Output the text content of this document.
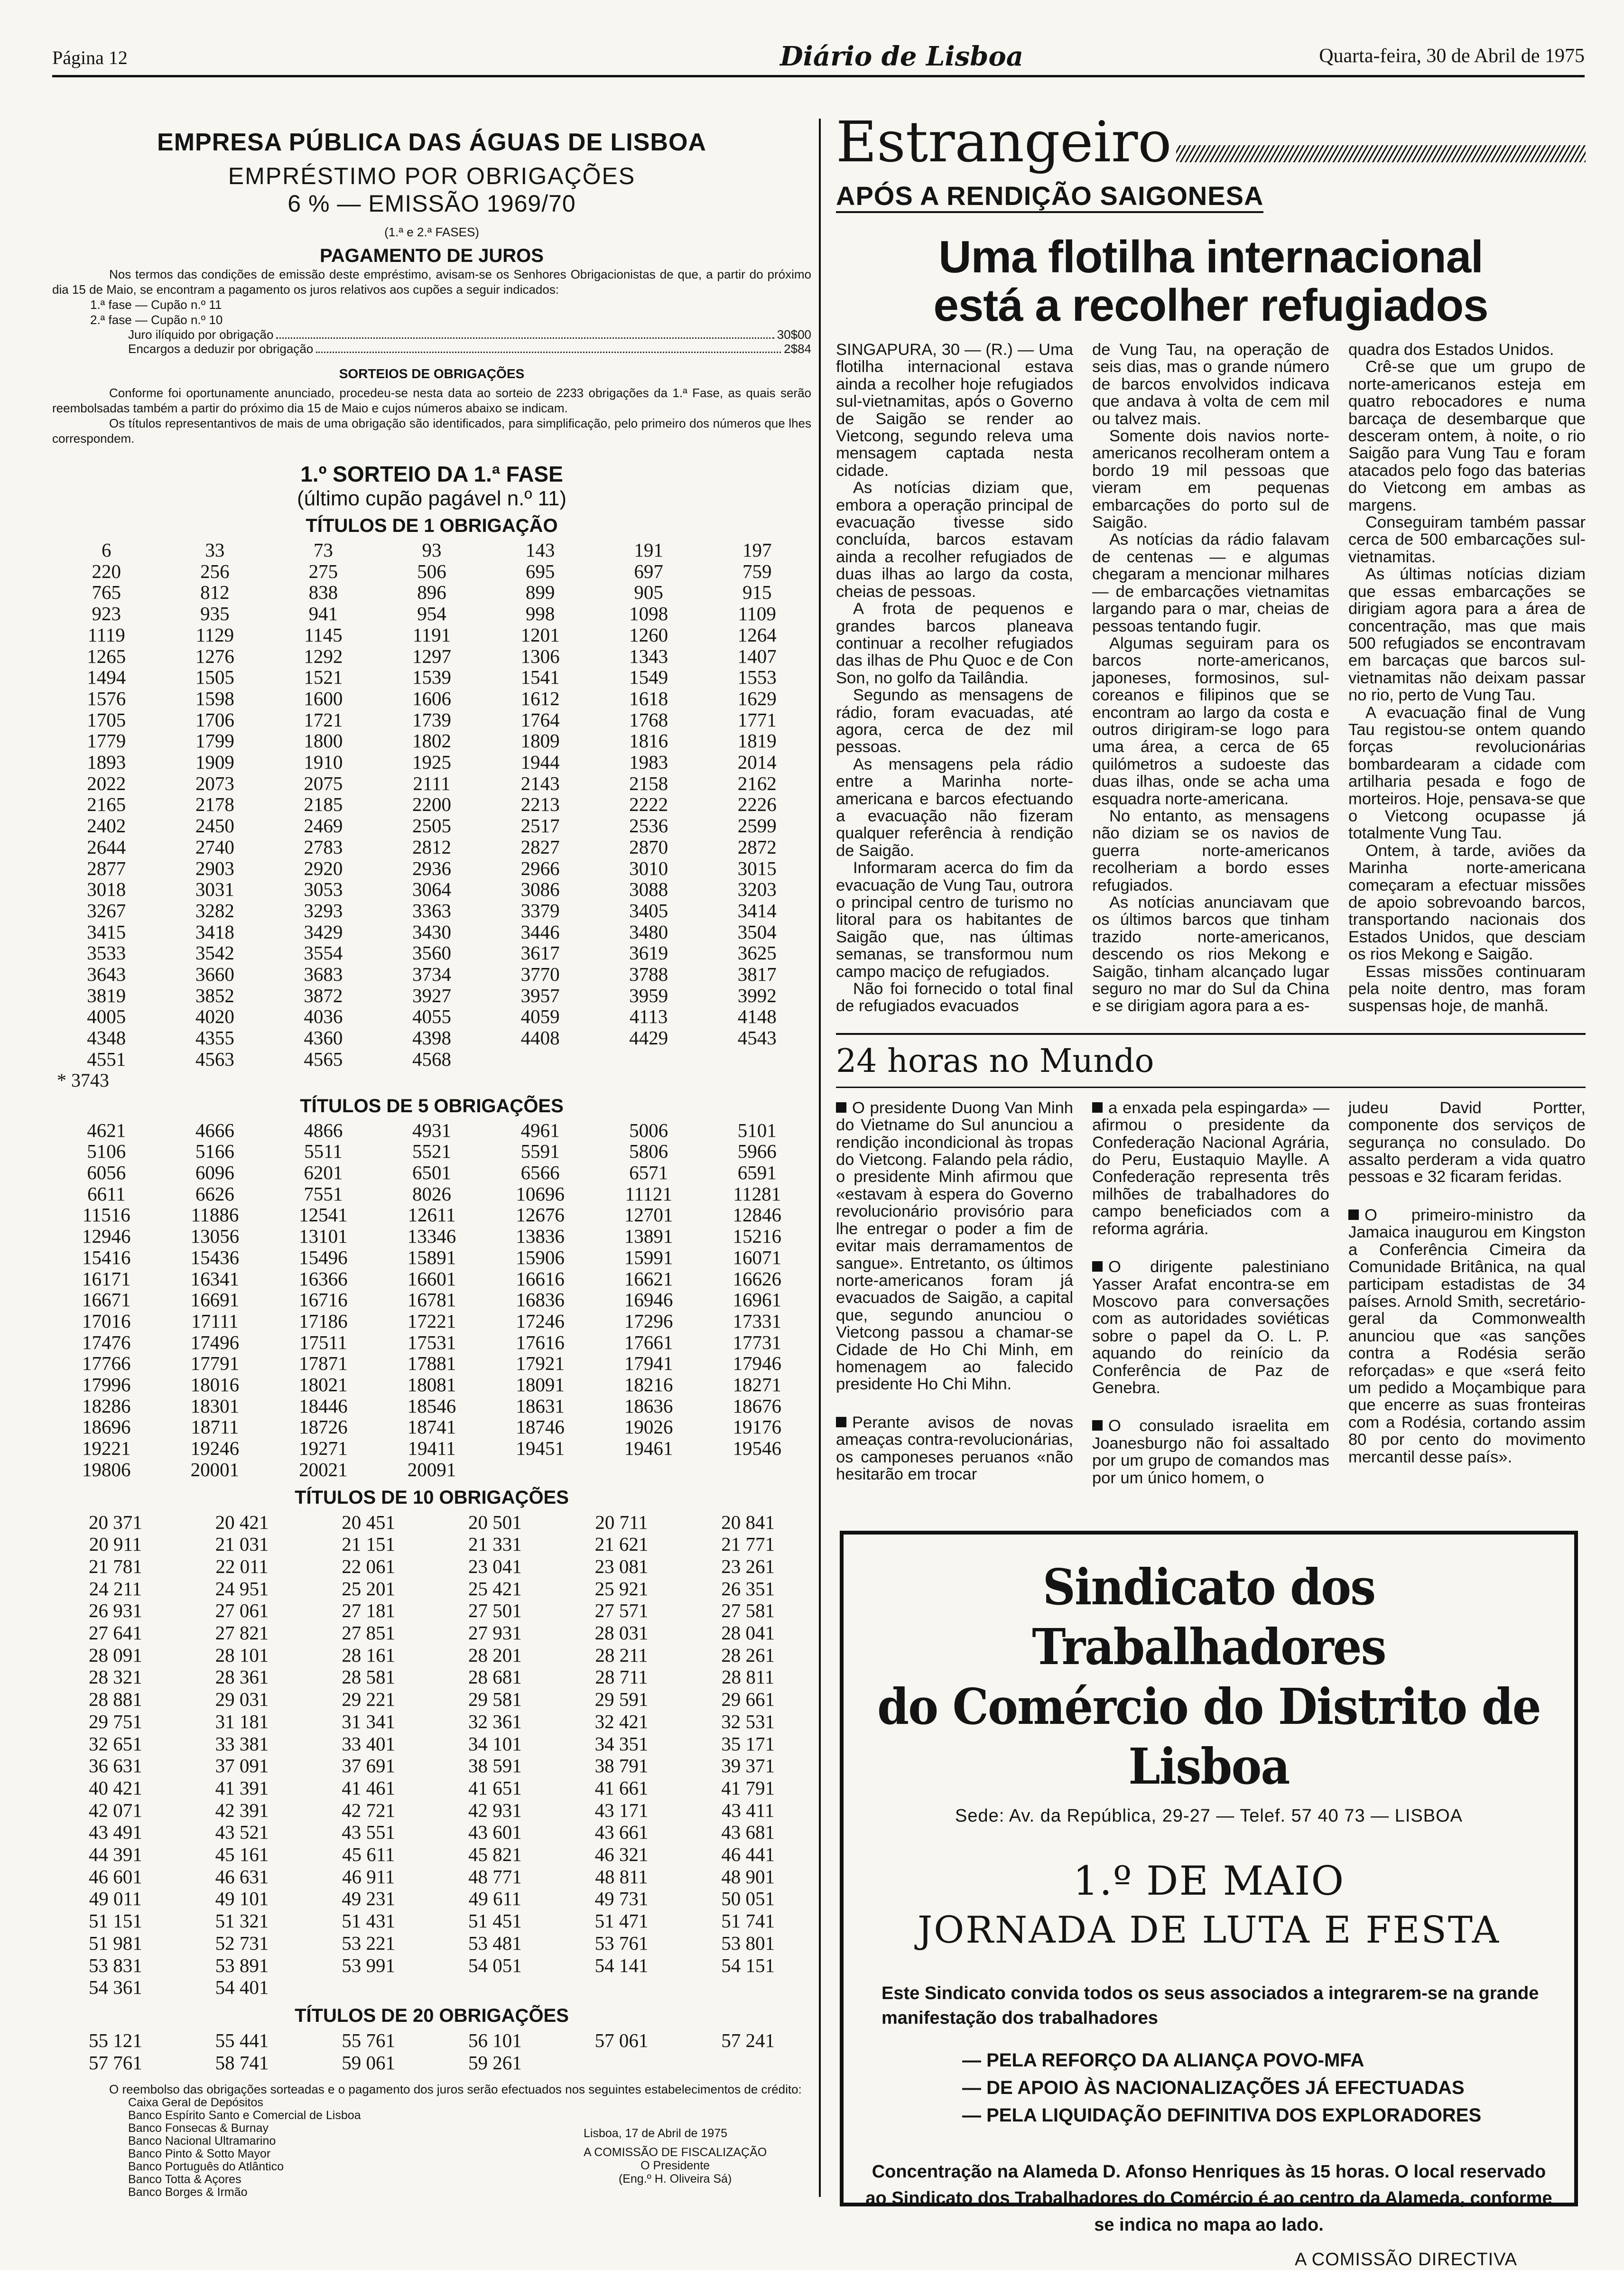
Página 12	Diário de Lisboa	Quarta-feira, 30 de Abril de 1975
EMPRESA PÚBLICA DAS ÁGUAS DE LISBOA
EMPRÉSTIMO POR OBRIGAÇÕES
6 % — EMISSÃO 1969/70
(1.ª e 2.ª FASES)
PAGAMENTO DE JUROS
Nos termos das condições de emissão deste empréstimo, avisam-se os Senhores Obrigacionistas de que, a partir do próximo dia 15 de Maio, se encontram a pagamento os juros relativos aos cupões a seguir indicados:
1.ª fase — Cupão n.º 11
2.ª fase — Cupão n.º 10
Juro ilíquido por obrigação	30$00
Encargos a deduzir por obrigação	2$84
SORTEIOS DE OBRIGAÇÕES
Conforme foi oportunamente anunciado, procedeu-se nesta data ao sorteio de 2233 obrigações da 1.ª Fase, as quais serão reembolsadas também a partir do próximo dia 15 de Maio e cujos números abaixo se indicam.
Os títulos representantivos de mais de uma obrigação são identificados, para simplificação, pelo primeiro dos números que lhes correspondem.
1.º SORTEIO DA 1.ª FASE
(último cupão pagável n.º 11)
TÍTULOS DE 1 OBRIGAÇÃO
6	33	73	93	143	191	197
220	256	275	506	695	697	759
765	812	838	896	899	905	915
923	935	941	954	998	1098	1109
1119	1129	1145	1191	1201	1260	1264
1265	1276	1292	1297	1306	1343	1407
1494	1505	1521	1539	1541	1549	1553
1576	1598	1600	1606	1612	1618	1629
1705	1706	1721	1739	1764	1768	1771
1779	1799	1800	1802	1809	1816	1819
1893	1909	1910	1925	1944	1983	2014
2022	2073	2075	2111	2143	2158	2162
2165	2178	2185	2200	2213	2222	2226
2402	2450	2469	2505	2517	2536	2599
2644	2740	2783	2812	2827	2870	2872
2877	2903	2920	2936	2966	3010	3015
3018	3031	3053	3064	3086	3088	3203
3267	3282	3293	3363	3379	3405	3414
3415	3418	3429	3430	3446	3480	3504
3533	3542	3554	3560	3617	3619	3625
3643	3660	3683	3734	3770	3788	3817
3819	3852	3872	3927	3957	3959	3992
4005	4020	4036	4055	4059	4113	4148
4348	4355	4360	4398	4408	4429	4543
4551	4563	4565	4568
* 3743
TÍTULOS DE 5 OBRIGAÇÕES
4621	4666	4866	4931	4961	5006	5101
5106	5166	5511	5521	5591	5806	5966
6056	6096	6201	6501	6566	6571	6591
6611	6626	7551	8026	10696	11121	11281
11516	11886	12541	12611	12676	12701	12846
12946	13056	13101	13346	13836	13891	15216
15416	15436	15496	15891	15906	15991	16071
16171	16341	16366	16601	16616	16621	16626
16671	16691	16716	16781	16836	16946	16961
17016	17111	17186	17221	17246	17296	17331
17476	17496	17511	17531	17616	17661	17731
17766	17791	17871	17881	17921	17941	17946
17996	18016	18021	18081	18091	18216	18271
18286	18301	18446	18546	18631	18636	18676
18696	18711	18726	18741	18746	19026	19176
19221	19246	19271	19411	19451	19461	19546
19806	20001	20021	20091
TÍTULOS DE 10 OBRIGAÇÕES
20 371	20 421	20 451	20 501	20 711	20 841
20 911	21 031	21 151	21 331	21 621	21 771
21 781	22 011	22 061	23 041	23 081	23 261
24 211	24 951	25 201	25 421	25 921	26 351
26 931	27 061	27 181	27 501	27 571	27 581
27 641	27 821	27 851	27 931	28 031	28 041
28 091	28 101	28 161	28 201	28 211	28 261
28 321	28 361	28 581	28 681	28 711	28 811
28 881	29 031	29 221	29 581	29 591	29 661
29 751	31 181	31 341	32 361	32 421	32 531
32 651	33 381	33 401	34 101	34 351	35 171
36 631	37 091	37 691	38 591	38 791	39 371
40 421	41 391	41 461	41 651	41 661	41 791
42 071	42 391	42 721	42 931	43 171	43 411
43 491	43 521	43 551	43 601	43 661	43 681
44 391	45 161	45 611	45 821	46 321	46 441
46 601	46 631	46 911	48 771	48 811	48 901
49 011	49 101	49 231	49 611	49 731	50 051
51 151	51 321	51 431	51 451	51 471	51 741
51 981	52 731	53 221	53 481	53 761	53 801
53 831	53 891	53 991	54 051	54 141	54 151
54 361	54 401
TÍTULOS DE 20 OBRIGAÇÕES
55 121	55 441	55 761	56 101	57 061	57 241
57 761	58 741	59 061	59 261
O reembolso das obrigações sorteadas e o pagamento dos juros serão efectuados nos seguintes estabelecimentos de crédito:
Caixa Geral de Depósitos
Banco Espírito Santo e Comercial de Lisboa
Banco Fonsecas & Burnay
Banco Nacional Ultramarino
Banco Pinto & Sotto Mayor
Banco Português do Atlântico
Banco Totta & Açores
Banco Borges & Irmão
Lisboa, 17 de Abril de 1975
A COMISSÃO DE FISCALIZAÇÃO
O Presidente
(Eng.º H. Oliveira Sá)
Estrangeiro
APÓS A RENDIÇÃO SAIGONESA
Uma flotilha internacional
está a recolher refugiados

SINGAPURA, 30 — (R.) — Uma flotilha internacional estava ainda a recolher hoje refugiados sul-vietnamitas, após o Governo de Saigão se render ao Vietcong, segundo releva uma mensagem captada nesta cidade.

As notícias diziam que, embora a operação principal de evacuação tivesse sido concluída, barcos estavam ainda a recolher refugiados de duas ilhas ao largo da costa, cheias de pessoas.

A frota de pequenos e grandes barcos planeava continuar a recolher refugiados das ilhas de Phu Quoc e de Con Son, no golfo da Tailândia.

Segundo as mensagens de rádio, foram evacuadas, até agora, cerca de dez mil pessoas.

As mensagens pela rádio entre a Marinha norte-americana e barcos efectuando a evacuação não fizeram qualquer referência à rendição de Saigão.

Informaram acerca do fim da evacuação de Vung Tau, outrora o principal centro de turismo no litoral para os habitantes de Saigão que, nas últimas semanas, se transformou num campo maciço de refugiados.

Não foi fornecido o total final de refugiados evacuados

de Vung Tau, na operação de seis dias, mas o grande número de barcos envolvidos indicava que andava à volta de cem mil ou talvez mais.

Somente dois navios norte-americanos recolheram ontem a bordo 19 mil pessoas que vieram em pequenas embarcações do porto sul de Saigão.

As notícias da rádio falavam de centenas — e algumas chegaram a mencionar milhares — de embarcações vietnamitas largando para o mar, cheias de pessoas tentando fugir.

Algumas seguiram para os barcos norte-americanos, japoneses, formosinos, sul-coreanos e filipinos que se encontram ao largo da costa e outros dirigiram-se logo para uma área, a cerca de 65 quilómetros a sudoeste das duas ilhas, onde se acha uma esquadra norte-americana.

No entanto, as mensagens não diziam se os navios de guerra norte-americanos recolheriam a bordo esses refugiados.

As notícias anunciavam que os últimos barcos que tinham trazido norte-americanos, descendo os rios Mekong e Saigão, tinham alcançado lugar seguro no mar do Sul da China e se dirigiam agora para a es-

quadra dos Estados Unidos.

Crê-se que um grupo de norte-americanos esteja em quatro rebocadores e numa barcaça de desembarque que desceram ontem, à noite, o rio Saigão para Vung Tau e foram atacados pelo fogo das baterias do Vietcong em ambas as margens.

Conseguiram também passar cerca de 500 embarcações sul-vietnamitas.

As últimas notícias diziam que essas embarcações se dirigiam agora para a área de concentração, mas que mais 500 refugiados se encontravam em barcaças que barcos sul-vietnamitas não deixam passar no rio, perto de Vung Tau.

A evacuação final de Vung Tau registou-se ontem quando forças revolucionárias bombardearam a cidade com artilharia pesada e fogo de morteiros. Hoje, pensava-se que o Vietcong ocupasse já totalmente Vung Tau.

Ontem, à tarde, aviões da Marinha norte-americana começaram a efectuar missões de apoio sobrevoando barcos, transportando nacionais dos Estados Unidos, que desciam os rios Mekong e Saigão.

Essas missões continuaram pela noite dentro, mas foram suspensas hoje, de manhã.

24 horas no Mundo

O presidente Duong Van Minh do Vietname do Sul anunciou a rendição incondicional às tropas do Vietcong. Falando pela rádio, o presidente Minh afirmou que «estavam à espera do Governo revolucionário provisório para lhe entregar o poder a fim de evitar mais derramamentos de sangue». Entretanto, os últimos norte-americanos foram já evacuados de Saigão, a capital que, segundo anunciou o Vietcong passou a chamar-se Cidade de Ho Chi Minh, em homenagem ao falecido presidente Ho Chi Mihn.

Perante avisos de novas ameaças contra-revolucionárias, os camponeses peruanos «não hesitarão em trocar

a enxada pela espingarda» — afirmou o presidente da Confederação Nacional Agrária, do Peru, Eustaquio Maylle. A Confederação representa três milhões de trabalhadores do campo beneficiados com a reforma agrária.

O dirigente palestiniano Yasser Arafat encontra-se em Moscovo para conversações com as autoridades soviéticas sobre o papel da O. L. P. aquando do reinício da Conferência de Paz de Genebra.

O consulado israelita em Joanesburgo não foi assaltado por um grupo de comandos mas por um único homem, o

judeu David Portter, componente dos serviços de segurança no consulado. Do assalto perderam a vida quatro pessoas e 32 ficaram feridas.

O primeiro-ministro da Jamaica inaugurou em Kingston a Conferência Cimeira da Comunidade Britânica, na qual participam estadistas de 34 países. Arnold Smith, secretário-geral da Commonwealth anunciou que «as sanções contra a Rodésia serão reforçadas» e que «será feito um pedido a Moçambique para que encerre as suas fronteiras com a Rodésia, cortando assim 80 por cento do movimento mercantil desse país».

Sindicato dos Trabalhadores
do Comércio do Distrito de Lisboa
Sede: Av. da República, 29-27 — Telef. 57 40 73 — LISBOA
1.º DE MAIO
JORNADA DE LUTA E FESTA
Este Sindicato convida todos os seus associados a integrarem-se na grande manifestação dos trabalhadores
— PELA REFORÇO DA ALIANÇA POVO-MFA
— DE APOIO ÀS NACIONALIZAÇÕES JÁ EFECTUADAS
— PELA LIQUIDAÇÃO DEFINITIVA DOS EXPLORADORES
Concentração na Alameda D. Afonso Henriques às 15 horas. O local reservado ao Sindicato dos Trabalhadores do Comércio é ao centro da Alameda, conforme se indica no mapa ao lado.
A COMISSÃO DIRECTIVA
